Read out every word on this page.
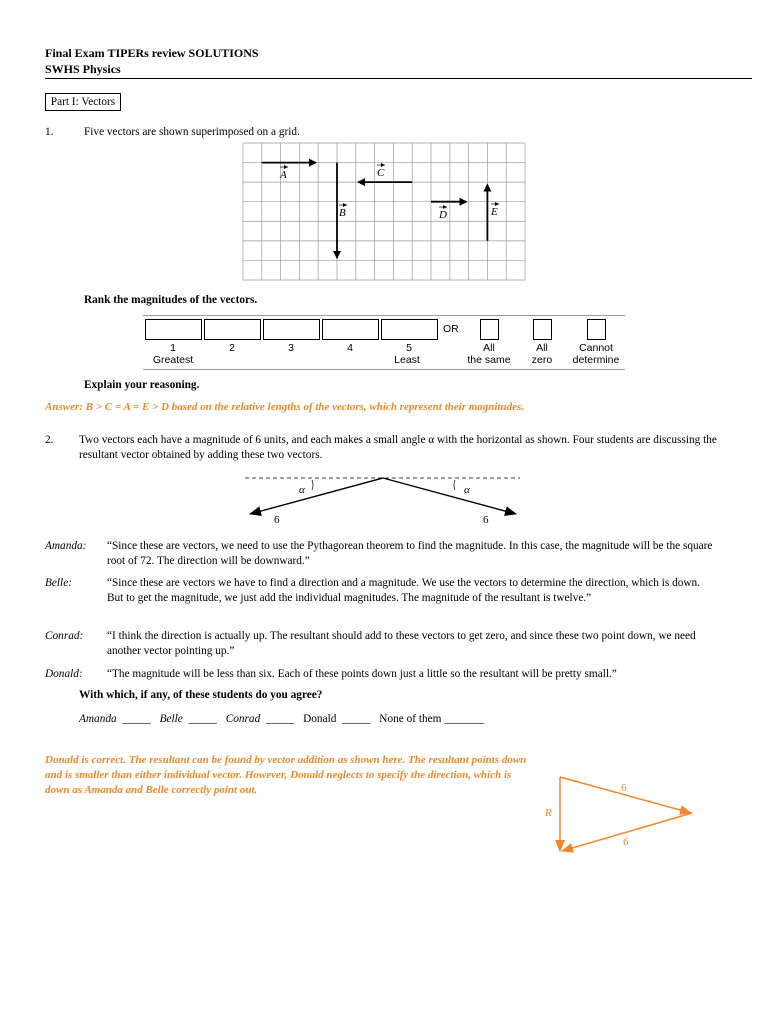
Final Exam TIPERs review SOLUTIONS
SWHS Physics
Part I: Vectors
1.	Five vectors are shown superimposed on a grid.
A
B
C
D	E
Rank the magnitudes of the vectors.
OR
1	2	3	4	5
Greatest	Least
All
the same
All
zero
Cannot
determine
Explain your reasoning.
Answer: B > C = A = E > D based on the relative lengths of the vectors, which represent their magnitudes.
2. Two vectors each have a magnitude of 6 units, and each makes a small angle α with the horizontal as shown. Four students are discussing the resultant vector obtained by adding these two vectors.
α	α
6	6
Amanda:	“Since these are vectors, we need to use the Pythagorean theorem to find the magnitude. In this case, the magnitude will be the square root of 72. The direction will be downward.”
Belle:	“Since these are vectors we have to find a direction and a magnitude. We use the vectors to determine the direction, which is down. But to get the magnitude, we just add the individual magnitudes. The magnitude of the resultant is twelve.”
Conrad:	“I think the direction is actually up. The resultant should add to these vectors to get zero, and since these two point down, we need another vector pointing up.”
Donald:	“The magnitude will be less than six. Each of these points down just a little so the resultant will be pretty small.”
With which, if any, of these students do you agree?
Amanda _____ Belle _____ Conrad _____ Donald _____ None of them _______
Donald is correct. The resultant can be found by vector addition as shown here. The resultant points down and is smaller than either individual vector. However, Donald neglects to specify the direction, which is down as Amanda and Belle correctly point out.	6
6
R
